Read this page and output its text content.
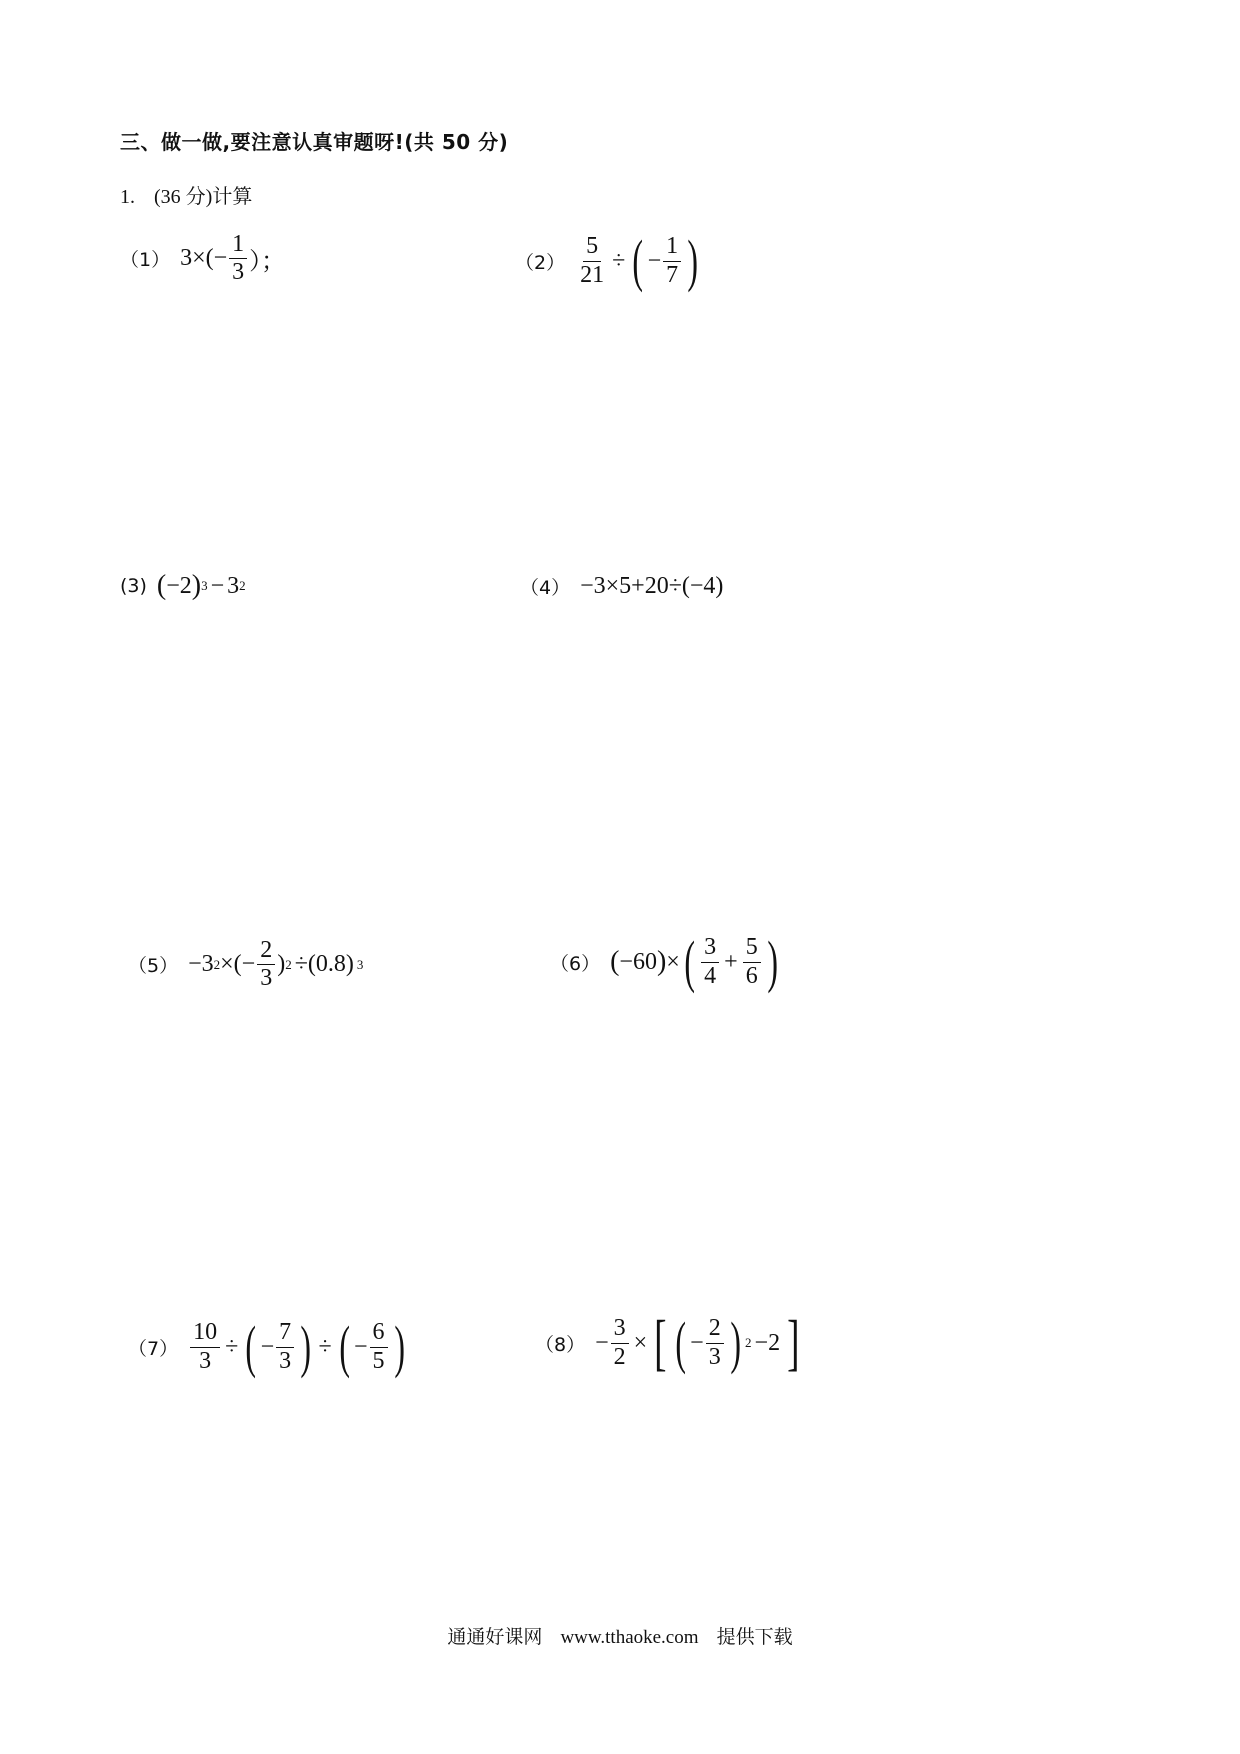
三、做一做,要注意认真审题呀!(共 50 分)
1. (36 分)计算
（1） $3\times(- \frac{1}{3}$ ）；	$(2) \frac{5}{21}$ ÷ ( − $\frac{1}{7}$ )
(3) ( −2 ) 3 − 3 2	（4） −3×5+20÷(−4)
（5） −3 2 ×(− $\frac{2}{3}$ ) 2 ÷(0.8) 3	（6） ( −60 ) × ( $\frac{3}{4} + \frac{5}{6}$ )
$(7) \frac{10}{3}$ ÷ ( − $\frac{7}{3}$ ) ÷ ( − $\frac{6}{5}$ )	$(8) - \frac{3}{2}$ × [ ( − $\frac{2}{3}$ ) 2 −2 ]
通通好课网 www.tthaoke.com 提供下载
